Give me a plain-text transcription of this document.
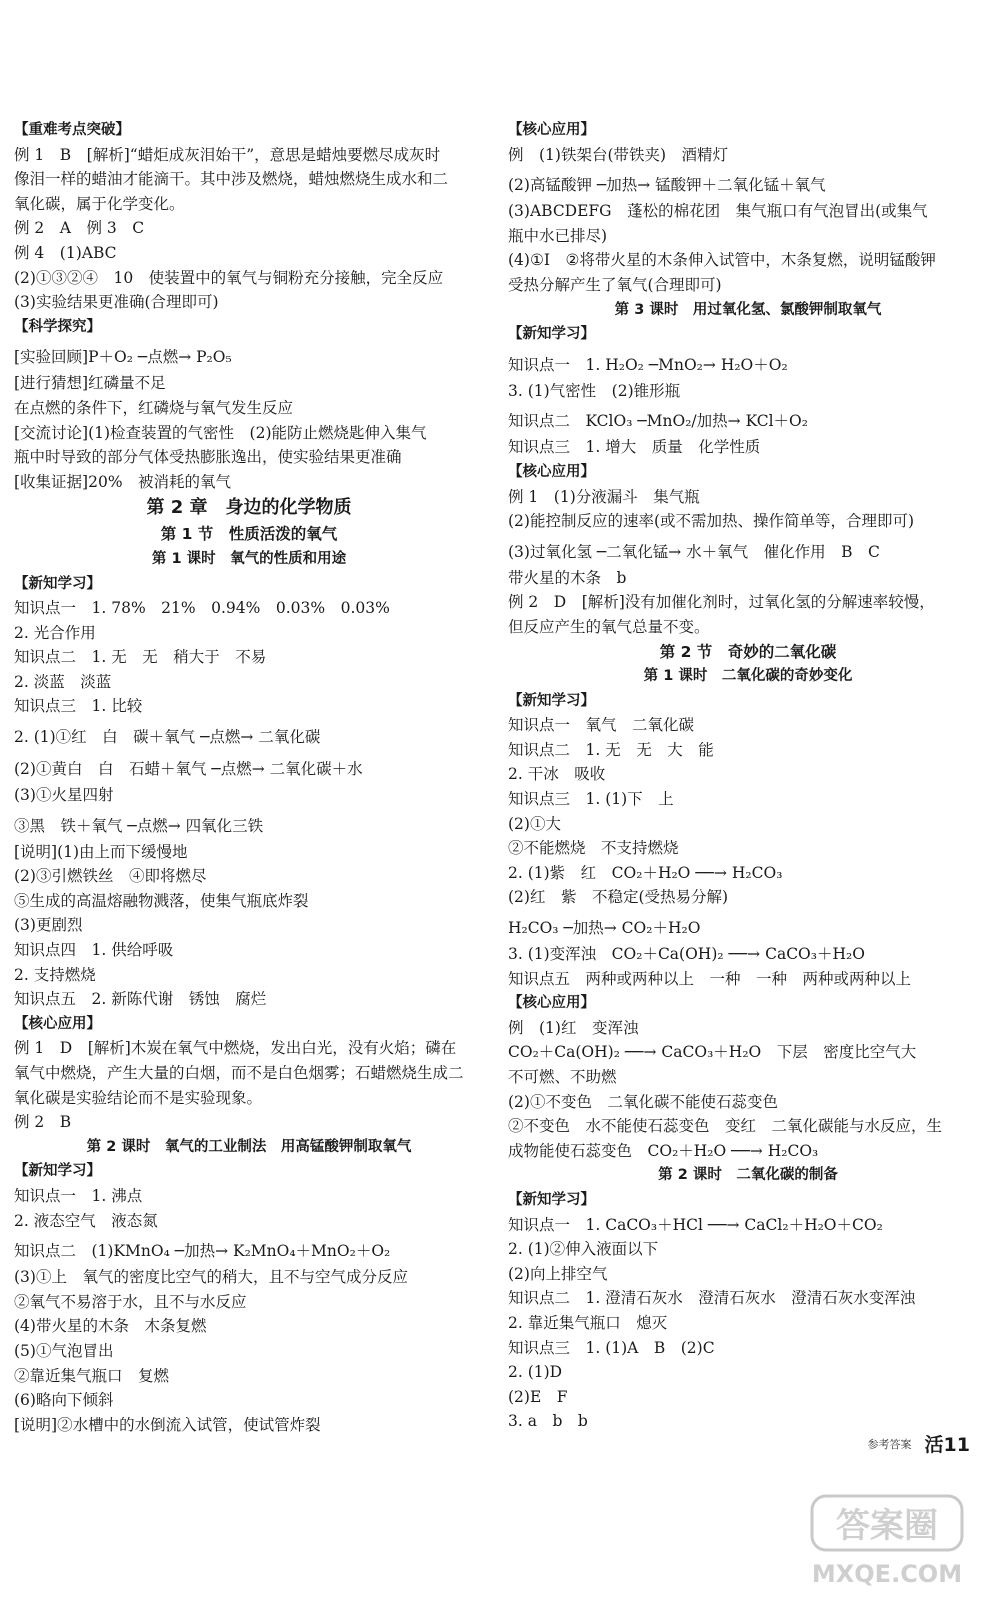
【重难考点突破】
例 1　B　[解析]“蜡炬成灰泪始干”，意思是蜡烛要燃尽成灰时
像泪一样的蜡油才能滴干。其中涉及燃烧，蜡烛燃烧生成水和二
氧化碳，属于化学变化。
例 2　A　例 3　C
例 4　(1)ABC
(2)①③②④　10　使装置中的氧气与铜粉充分接触，完全反应
(3)实验结果更准确(合理即可)
【科学探究】
[实验回顾]P＋O₂ ─点燃→ P₂O₅
[进行猜想]红磷量不足
在点燃的条件下，红磷烧与氧气发生反应
[交流讨论](1)检查装置的气密性　(2)能防止燃烧匙伸入集气
瓶中时导致的部分气体受热膨胀逸出，使实验结果更准确
[收集证据]20%　被消耗的氧气
第 2 章　身边的化学物质
第 1 节　性质活泼的氧气
第 1 课时　氧气的性质和用途
【新知学习】
知识点一　1. 78%　21%　0.94%　0.03%　0.03%
2. 光合作用
知识点二　1. 无　无　稍大于　不易
2. 淡蓝　淡蓝
知识点三　1. 比较
2. (1)①红　白　碳＋氧气 ─点燃→ 二氧化碳
(2)①黄白　白　石蜡＋氧气 ─点燃→ 二氧化碳＋水
(3)①火星四射
③黑　铁＋氧气 ─点燃→ 四氧化三铁
[说明](1)由上而下缓慢地
(2)③引燃铁丝　④即将燃尽
⑤生成的高温熔融物溅落，使集气瓶底炸裂
(3)更剧烈
知识点四　1. 供给呼吸
2. 支持燃烧
知识点五　2. 新陈代谢　锈蚀　腐烂
【核心应用】
例 1　D　[解析]木炭在氧气中燃烧，发出白光，没有火焰；磷在
氧气中燃烧，产生大量的白烟，而不是白色烟雾；石蜡燃烧生成二
氧化碳是实验结论而不是实验现象。
例 2　B
第 2 课时　氧气的工业制法　用高锰酸钾制取氧气
【新知学习】
知识点一　1. 沸点
2. 液态空气　液态氮
知识点二　(1)KMnO₄ ─加热→ K₂MnO₄＋MnO₂＋O₂
(3)①上　氧气的密度比空气的稍大，且不与空气成分反应
②氧气不易溶于水，且不与水反应
(4)带火星的木条　木条复燃
(5)①气泡冒出
②靠近集气瓶口　复燃
(6)略向下倾斜
[说明]②水槽中的水倒流入试管，使试管炸裂
【核心应用】
例　(1)铁架台(带铁夹)　酒精灯
(2)高锰酸钾 ─加热→ 锰酸钾＋二氧化锰＋氧气
(3)ABCDEFG　蓬松的棉花团　集气瓶口有气泡冒出(或集气
瓶中水已排尽)
(4)①Ⅰ　②将带火星的木条伸入试管中，木条复燃，说明锰酸钾
受热分解产生了氧气(合理即可)
第 3 课时　用过氧化氢、氯酸钾制取氧气
【新知学习】
知识点一　1. H₂O₂ ─MnO₂→ H₂O＋O₂
3. (1)气密性　(2)锥形瓶
知识点二　KClO₃ ─MnO₂/加热→ KCl＋O₂
知识点三　1. 增大　质量　化学性质
【核心应用】
例 1　(1)分液漏斗　集气瓶
(2)能控制反应的速率(或不需加热、操作简单等，合理即可)
(3)过氧化氢 ─二氧化锰→ 水＋氧气　催化作用　B　C
带火星的木条　b
例 2　D　[解析]没有加催化剂时，过氧化氢的分解速率较慢，
但反应产生的氧气总量不变。
第 2 节　奇妙的二氧化碳
第 1 课时　二氧化碳的奇妙变化
【新知学习】
知识点一　氧气　二氧化碳
知识点二　1. 无　无　大　能
2. 干冰　吸收
知识点三　1. (1)下　上
(2)①大
②不能燃烧　不支持燃烧
2. (1)紫　红　CO₂＋H₂O ──→ H₂CO₃
(2)红　紫　不稳定(受热易分解)
H₂CO₃ ─加热→ CO₂＋H₂O
3. (1)变浑浊　CO₂＋Ca(OH)₂ ──→ CaCO₃＋H₂O
知识点五　两种或两种以上　一种　一种　两种或两种以上
【核心应用】
例　(1)红　变浑浊
CO₂＋Ca(OH)₂ ──→ CaCO₃＋H₂O　下层　密度比空气大
不可燃、不助燃
(2)①不变色　二氧化碳不能使石蕊变色
②不变色　水不能使石蕊变色　变红　二氧化碳能与水反应，生
成物能使石蕊变色　CO₂＋H₂O ──→ H₂CO₃
第 2 课时　二氧化碳的制备
【新知学习】
知识点一　1. CaCO₃＋HCl ──→ CaCl₂＋H₂O＋CO₂
2. (1)②伸入液面以下
(2)向上排空气
知识点二　1. 澄清石灰水　澄清石灰水　澄清石灰水变浑浊
2. 靠近集气瓶口　熄灭
知识点三　1. (1)A　B　(2)C
2. (1)D
(2)E　F
3. a　b　b
参考答案 活11
答案圈
MXQE.COM
